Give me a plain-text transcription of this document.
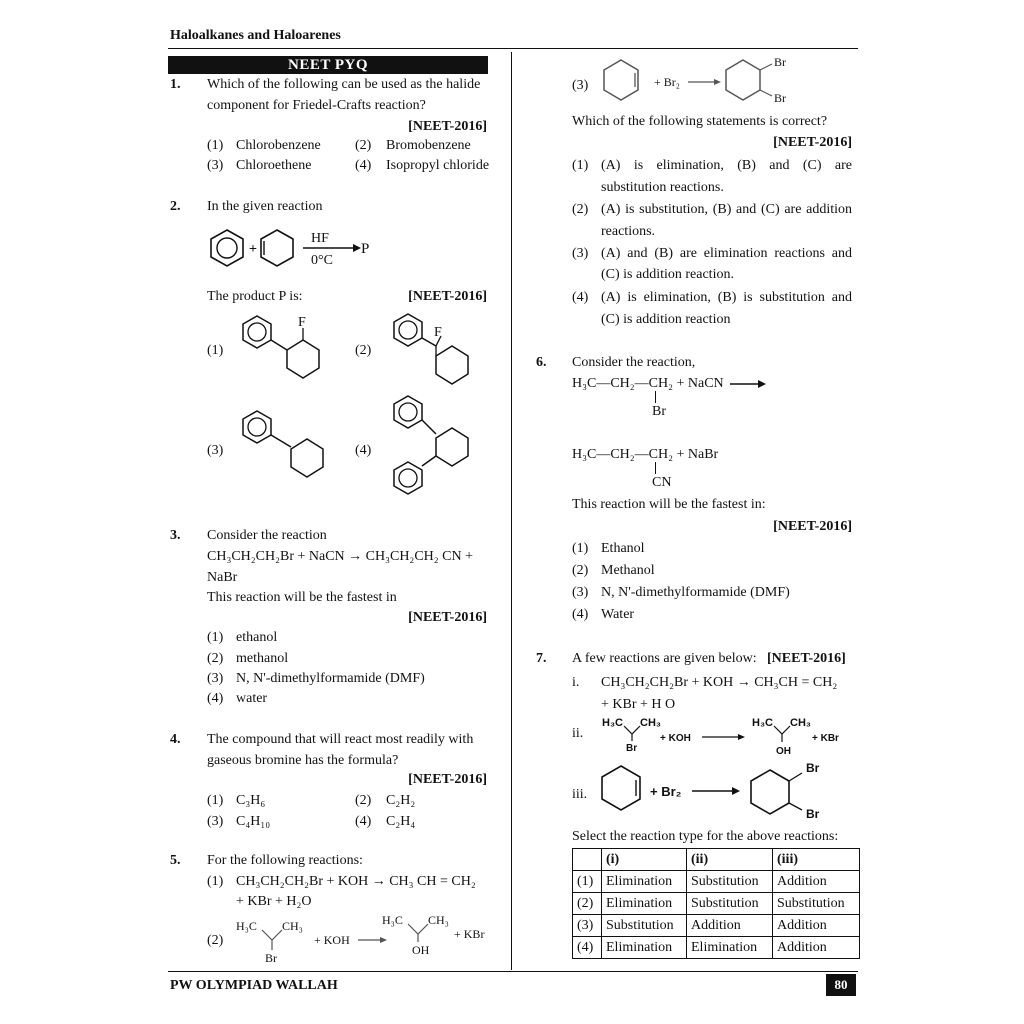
Haloalkanes and Haloarenes
NEET PYQ
1. Which of the following can be used as the halide
component for Friedel-Crafts reaction?
[NEET-2016]
(1) Chlorobenzene (2) Bromobenzene
(3) Chloroethene	(4) Isopropyl chloride
2. In the given reaction
+
HF
0°C
P
The product P is:	[NEET-2016]
(1)
F
(2)
F
(3)	(4)
3. Consider the reaction
CH₃CH₂CH₂Br + NaCN → CH₃CH₂CH₂ CN +
NaBr
This reaction will be the fastest in
[NEET-2016]
(1) ethanol
(2) methanol
(3) N, N'-dimethylformamide (DMF)
(4) water
4. The compound that will react most readily with
gaseous bromine has the formula?
[NEET-2016]
(1) C₃H₆	(2) C₂H₂
(3) C₄H₁₀	(4) C₂H₄
5. For the following reactions:
(1) CH₃CH₂CH₂Br + KOH → CH₃ CH = CH₂
+ KBr + H₂O
(2)
H₃C CH₃
Br
+ KOH
H₃C CH₃
OH
+ KBr
(3)	+ Br₂
Br
Br
Which of the following statements is correct?
[NEET-2016]
(1) (A) is elimination, (B) and (C) are
substitution reactions.
(2) (A) is substitution, (B) and (C) are addition
reactions.
(3) (A) and (B) are elimination reactions and
(C) is addition reaction.
(4) (A) is elimination, (B) is substitution and
(C) is addition reaction
6. Consider the reaction,
H₃C—CH₂—CH₂ + NaCN
Br
H₃C—CH₂—CH₂ + NaBr
CN
This reaction will be the fastest in:
[NEET-2016]
(1) Ethanol
(2) Methanol
(3) N, N'-dimethylformamide (DMF)
(4) Water
7. A few reactions are given below: [NEET-2016]
i. CH₃CH₂CH₂Br + KOH → CH₃CH = CH₂
+ KBr + H O
ii.
H₃C CH₃
Br
+ KOH
H₃C CH₃
OH
+ KBr
iii.	+ Br₂
Br
Br
Select the reaction type for the above reactions:
	(i)	(ii)	(iii)
(1)	Elimination	Substitution	Addition
(2)	Elimination	Substitution	Substitution
(3)	Substitution	Addition	Addition
(4)	Elimination	Elimination	Addition
PW OLYMPIAD WALLAH	80
